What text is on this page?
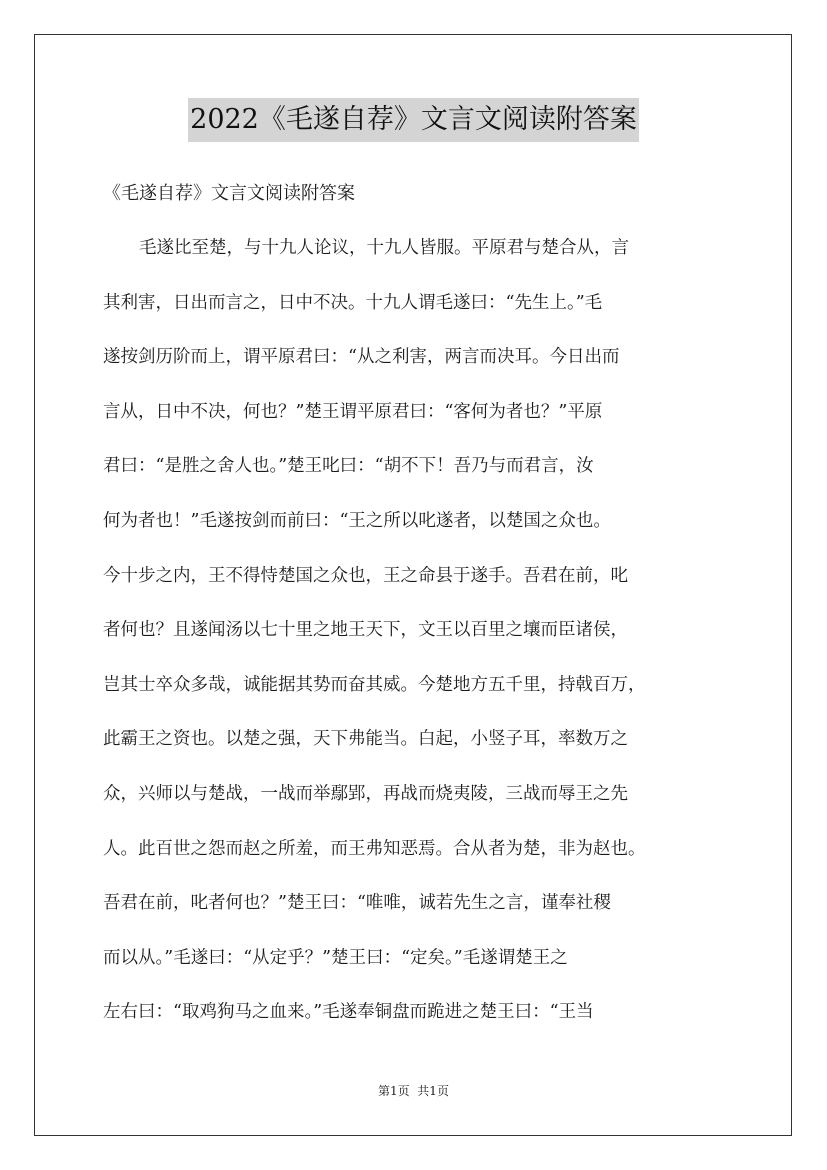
2022《毛遂自荐》文言文阅读附答案
《毛遂自荐》文言文阅读附答案
毛遂比至楚，与十九人论议，十九人皆服。平原君与楚合从，言
其利害，日出而言之，日中不决。十九人谓毛遂曰：“先生上。”毛
遂按剑历阶而上，谓平原君曰：“从之利害，两言而决耳。今日出而
言从，日中不决，何也？”楚王谓平原君曰：“客何为者也？”平原
君曰：“是胜之舍人也。”楚王叱曰：“胡不下！吾乃与而君言，汝
何为者也！”毛遂按剑而前曰：“王之所以叱遂者，以楚国之众也。
今十步之内，王不得恃楚国之众也，王之命县于遂手。吾君在前，叱
者何也？且遂闻汤以七十里之地王天下，文王以百里之壤而臣诸侯，
岂其士卒众多哉，诚能据其势而奋其威。今楚地方五千里，持戟百万，
此霸王之资也。以楚之强，天下弗能当。白起，小竖子耳，率数万之
众，兴师以与楚战，一战而举鄢郢，再战而烧夷陵，三战而辱王之先
人。此百世之怨而赵之所羞，而王弗知恶焉。合从者为楚，非为赵也。
吾君在前，叱者何也？”楚王曰：“唯唯，诚若先生之言，谨奉社稷
而以从。”毛遂曰：“从定乎？”楚王曰：“定矣。”毛遂谓楚王之
左右曰：“取鸡狗马之血来。”毛遂奉铜盘而跪进之楚王曰：“王当
第1页  共1页
